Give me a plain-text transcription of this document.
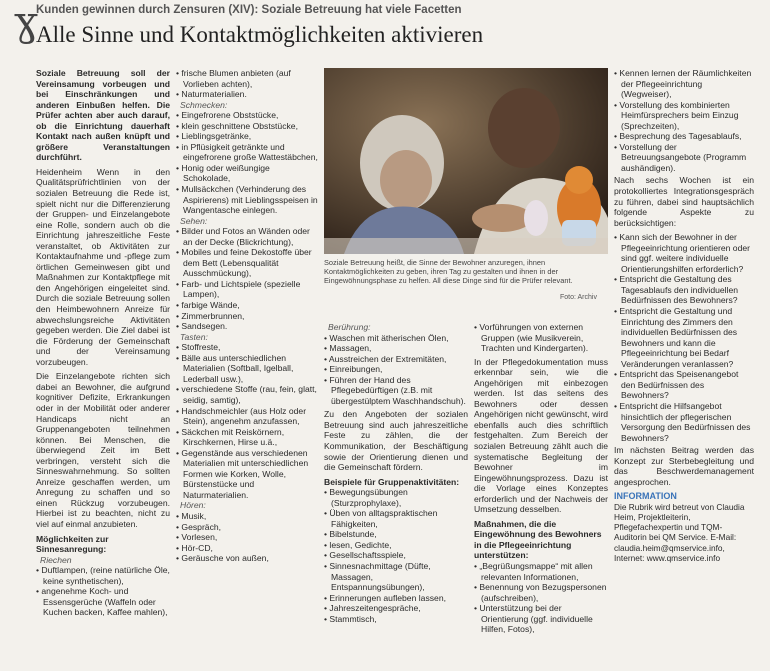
ɣ
Kunden gewinnen durch Zensuren (XIV): Soziale Betreuung hat viele Facetten
Alle Sinne und Kontaktmöglichkeiten aktivieren

Soziale Betreuung soll der Vereinsamung vorbeugen und bei Einschränkungen und anderen Einbußen helfen. Die Prüfer achten aber auch darauf, ob die Einrichtung dauerhaft Kontakt nach außen knüpft und größere Veranstaltungen durchführt.

Heidenheim Wenn in den Qualitätsprüfrichtlinien von der sozialen Betreuung die Rede ist, spielt nicht nur die Differenzierung der Gruppen- und Einzelangebote eine Rolle, sondern auch ob die Einrichtung jahreszeitliche Feste veranstaltet, ob Aktivitäten zur Kontaktaufnahme und -pflege zum örtlichen Gemeinwesen gibt und Maßnahmen zur Kontaktpflege mit den Angehörigen eingeleitet sind. Durch die soziale Betreuung sollen den Heimbewohnern Anreize für abwechslungsreiche Aktivitäten gegeben werden. Die Ziel dabei ist die Förderung der Gemeinschaft und der Vereinsamung vorzubeugen.

Die Einzelangebote richten sich dabei an Bewohner, die aufgrund kognitiver Defizite, Erkrankungen oder in der Mobilität oder anderer Handicaps nicht an Gruppenangeboten teilnehmen können. Bei Menschen, die überwiegend Zeit im Bett verbringen, versteht sich die Sinneswahrnehmung. So sollten Anreize geschaffen werden, um Anregung zu schaffen und so einen Rückzug vorzubeugen. Hierbei ist zu beachten, nicht zu viel auf einmal anzubieten.

Möglichkeiten zur Sinnesanregung:
Riechen
• Duftlampen, (reine natürliche Öle, keine synthetischen),
• angenehme Koch- und Essensgerüche (Waffeln oder Kuchen backen, Kaffee mahlen),
• frische Blumen anbieten (auf Vorlieben achten),
• Naturmaterialien.
Schmecken:
• Eingefrorene Obststücke,
• klein geschnittene Obststücke,
• Lieblingsgetränke,
• in Pflüsigkeit getränkte und eingefrorene große Wattestäbchen,
• Honig oder weißungige Schokolade,
• Mullsäckchen (Verhinderung des Aspirierens) mit Lieblingsspeisen in Wangentasche einlegen.
Sehen:
• Bilder und Fotos an Wänden oder an der Decke (Blickrichtung),
• Mobiles und feine Dekostoffe über dem Bett (Lebensqualität Ausschmückung),
• Farb- und Lichtspiele (spezielle Lampen),
• farbige Wände,
• Zimmerbrunnen,
• Sandsegen.
Tasten:
• Stoffreste,
• Bälle aus unterschiedlichen Materialien (Softball, Igelball, Lederball usw.),
• verschiedene Stoffe (rau, fein, glatt, seidig, samtig),
• Handschmeichler (aus Holz oder Stein), angenehm anzufassen,
• Säckchen mit Reiskörnern, Kirschkernen, Hirse u.ä.,
• Gegenstände aus verschiedenen Materialien mit unterschiedlichen Formen wie Korken, Wolle, Bürstenstücke und Naturmaterialien.
Hören:
• Musik,
• Gespräch,
• Vorlesen,
• Hör-CD,
• Geräusche von außen,
Soziale Betreuung heißt, die Sinne der Bewohner anzuregen, ihnen Kontaktmöglichkeiten zu geben, ihren Tag zu gestalten und ihnen in der Eingewöhnungsphase zu helfen. All diese Dinge sind für die Prüfer relevant.
Foto: Archiv
Berührung:
• Waschen mit ätherischen Ölen,
• Massagen,
• Ausstreichen der Extremitäten,
• Einreibungen,
• Führen der Hand des Pflegebedürftigen (z.B. mit übergestülptem Waschhandschuh).

Zu den Angeboten der sozialen Betreuung sind auch jahreszeitliche Feste zu zählen, die der Kommunikation, der Beschäftigung sowie der Orientierung dienen und die Gemeinschaft fördern.

Beispiele für Gruppenaktivitäten:
• Bewegungsübungen (Sturzprophylaxe),
• Üben von alltagspraktischen Fähigkeiten,
• Bibelstunde,
• lesen, Gedichte,
• Gesellschaftsspiele,
• Sinnesnachmittage (Düfte, Massagen, Entspannungsübungen),
• Erinnerungen aufleben lassen,
• Jahreszeitengespräche,
• Stammtisch,
• Vorführungen von externen Gruppen (wie Musikverein, Trachten und Kindergarten).

In der Pflegedokumentation muss erkennbar sein, wie die Angehörigen mit einbezogen werden. Ist das seitens des Bewohners oder dessen Angehörigen nicht gewünscht, wird ebenfalls auch dies schriftlich festgehalten. Zum Bereich der sozialen Betreuung zählt auch die systematische Begleitung der Bewohner im Eingewöhnungsprozess. Dazu ist die Vorlage eines Konzeptes erforderlich und der Nachweis der Umsetzung desselben.

Maßnahmen, die die Eingewöhnung des Bewohners in die Pflegeeinrichtung unterstützen:
• „Begrüßungsmappe“ mit allen relevanten Informationen,
• Benennung von Bezugspersonen (aufschreiben),
• Unterstützung bei der Orientierung (ggf. individuelle Hilfen, Fotos),
• Kennen lernen der Räumlichkeiten der Pflegeeinrichtung (Wegweiser),
• Vorstellung des kombinierten Heimfürsprechers beim Einzug (Sprechzeiten),
• Besprechung des Tagesablaufs,
• Vorstellung der Betreuungsangebote (Programm aushändigen).

Nach sechs Wochen ist ein protokolliertes Integrationsgespräch zu führen, dabei sind hauptsächlich folgende Aspekte zu berücksichtigen:

• Kann sich der Bewohner in der Pflegeeinrichtung orientieren oder sind ggf. weitere individuelle Orientierungshilfen erforderlich?
• Entspricht die Gestaltung des Tagesablaufs den individuellen Bedürfnissen des Bewohners?
• Entspricht die Gestaltung und Einrichtung des Zimmers den individuellen Bedürfnissen des Bewohners und kann die Pflegeeinrichtung bei Bedarf Veränderungen veranlassen?
• Entspricht das Speisenangebot den Bedürfnissen des Bewohners?
• Entspricht die Hilfsangebot hinsichtlich der pflegerischen Versorgung den Bedürfnissen des Bewohners?

Im nächsten Beitrag werden das Konzept zur Sterbebegleitung und das Beschwerdemanagement angesprochen.

INFORMATION
Die Rubrik wird betreut von Claudia Heim, Projektleiterin, Pflegefachexpertin und TQM-Auditorin bei QM Service. E-Mail: claudia.heim@qmservice.info, Internet: www.qmservice.info
